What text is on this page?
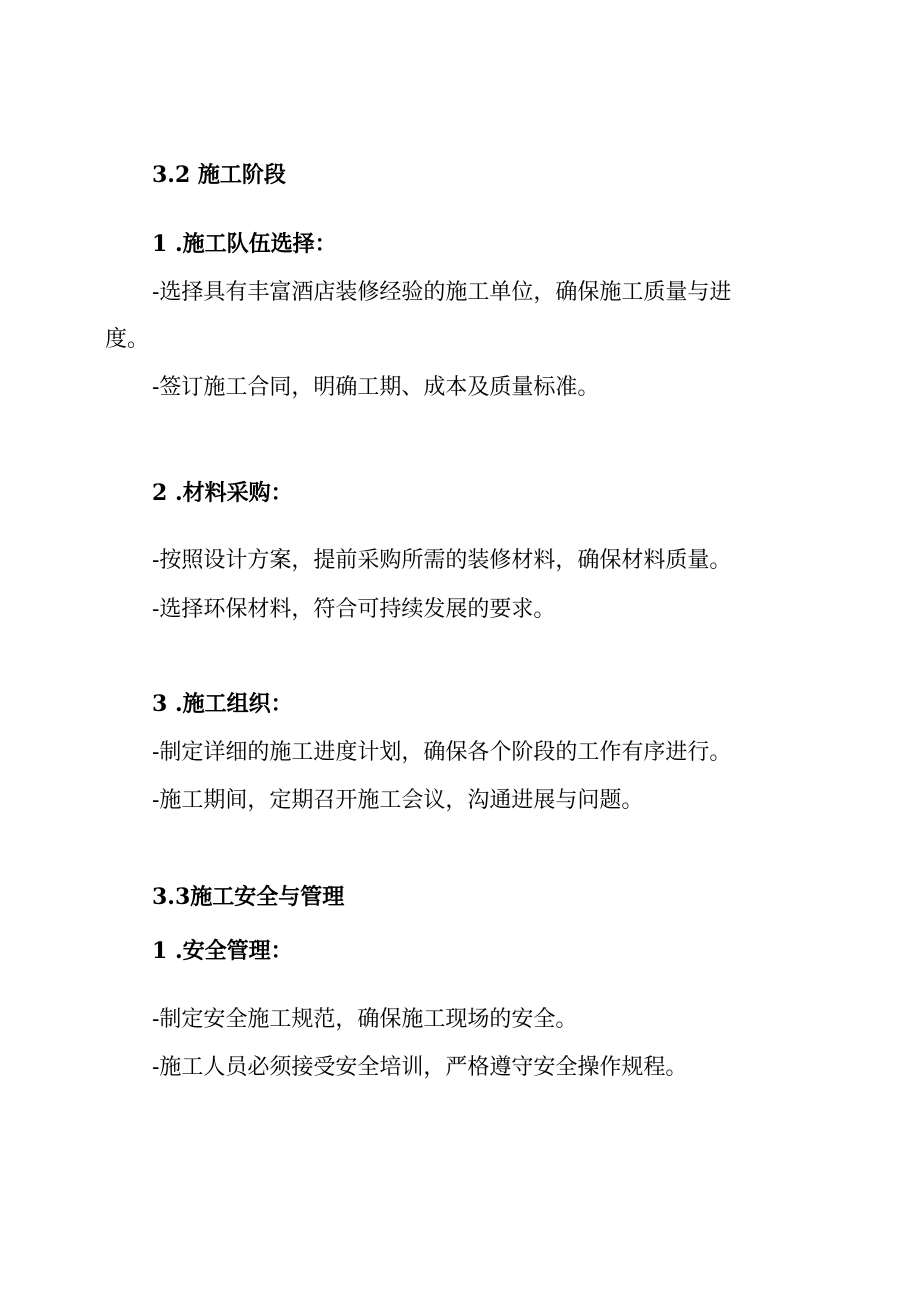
3.2 施工阶段
1 .施工队伍选择：
-选择具有丰富酒店装修经验的施工单位，确保施工质量与进
度。
-签订施工合同，明确工期、成本及质量标准。
2 .材料采购：
-按照设计方案，提前采购所需的装修材料，确保材料质量。
-选择环保材料，符合可持续发展的要求。
3 .施工组织：
-制定详细的施工进度计划，确保各个阶段的工作有序进行。
-施工期间，定期召开施工会议，沟通进展与问题。
3.3施工安全与管理
1 .安全管理：
-制定安全施工规范，确保施工现场的安全。
-施工人员必须接受安全培训，严格遵守安全操作规程。
